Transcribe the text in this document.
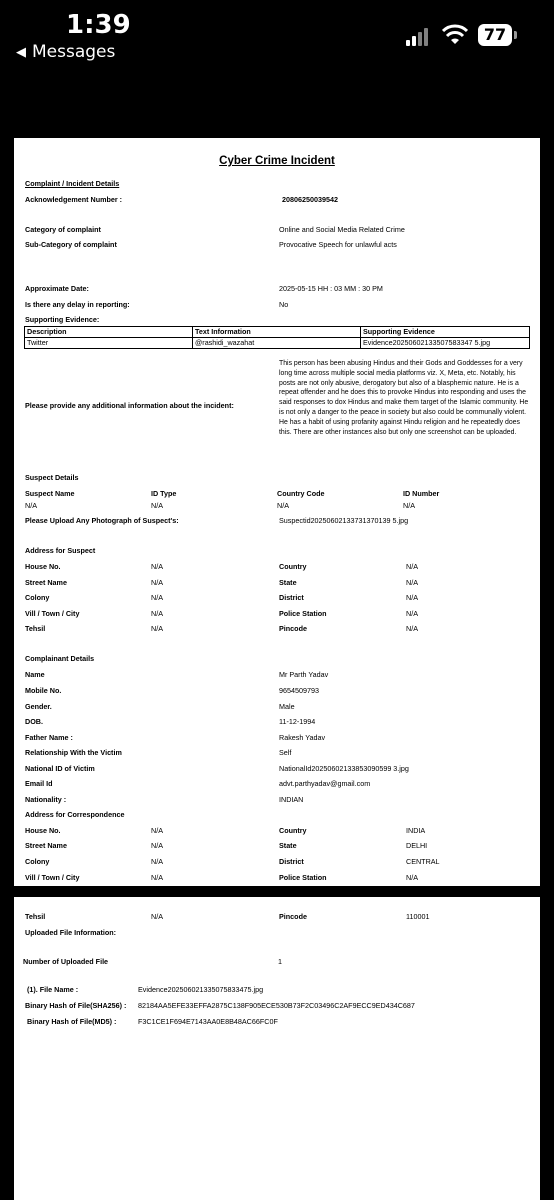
1:39
◀ Messages
77
Cyber Crime Incident
Complaint / Incident Details
Acknowledgement Number :	20806250039542
Category of complaint	Online and Social Media Related Crime
Sub-Category of complaint	Provocative Speech for unlawful acts
Approximate Date:	2025-05-15 HH : 03 MM : 30 PM
Is there any delay in reporting:	No
Supporting Evidence:
Description	Text Information	Supporting Evidence
Twitter	@rashidi_wazahat	Evidence20250602133507583347 5.jpg
Please provide any additional information about the incident:
This person has been abusing Hindus and their Gods and Goddesses for a very long time across multiple social media platforms viz. X, Meta, etc. Notably, his posts are not only abusive, derogatory but also of a blasphemic nature. He is a repeat offender and he does this to provoke Hindus into responding and uses the said responses to dox Hindus and make them target of the Islamic community. He is not only a danger to the peace in society but also could be communally violent. He has a habit of using profanity against Hindu religion and he repeatedly does this. There are other instances also but only one screenshot can be uploaded.
Suspect Details
Suspect Name	ID Type	Country Code	ID Number
N/A	N/A	N/A	N/A
Please Upload Any Photograph of Suspect's:	Suspectid20250602133731370139 5.jpg
Address for Suspect
House No.	N/A	Country	N/A
Street Name	N/A	State	N/A
Colony	N/A	District	N/A
Vill / Town / City	N/A	Police Station	N/A
Tehsil	N/A	Pincode	N/A
Complainant Details
Name	Mr Parth Yadav
Mobile No.	9654509793
Gender.	Male
DOB.	11-12-1994
Father Name :	Rakesh Yadav
Relationship With the Victim	Self
National ID of Victim	NationalId20250602133853090599 3.jpg
Email Id	advt.parthyadav@gmail.com
Nationality :	INDIAN
Address for Correspondence
House No.	N/A	Country	INDIA
Street Name	N/A	State	DELHI
Colony	N/A	District	CENTRAL
Vill / Town / City	N/A	Police Station	N/A
Tehsil	N/A	Pincode	110001
Uploaded File Information:
Number of Uploaded File	1
(1). File Name :	Evidence202506021335075833475.jpg
Binary Hash of File(SHA256) : 82184AA5EFE33EFFA2875C138F905ECE530B73F2C03496C2AF9ECC9ED434C687
Binary Hash of File(MD5) :	F3C1CE1F694E7143AA0E8B48AC66FC0F
